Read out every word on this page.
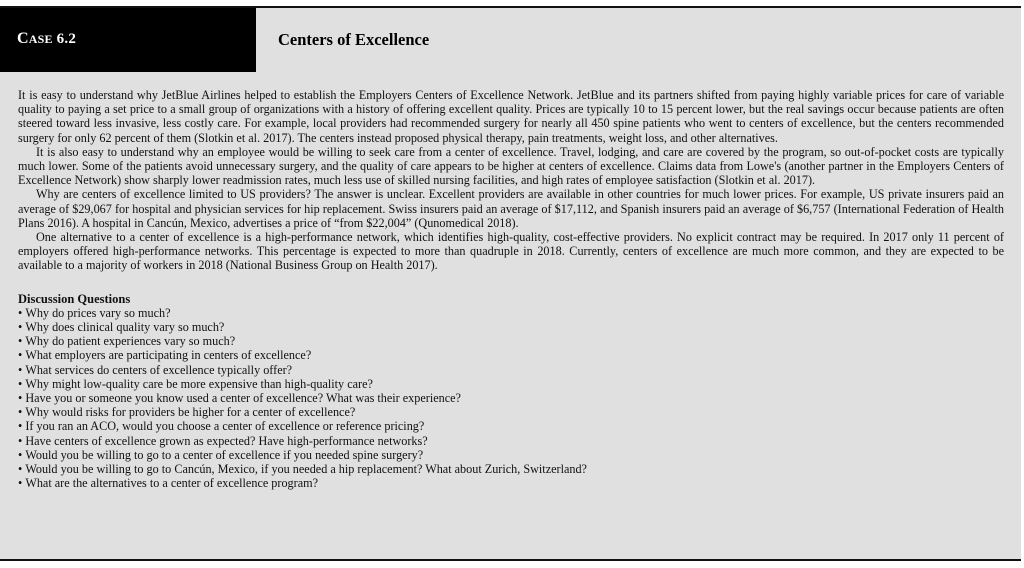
CASE 6.2	Centers of Excellence

It is easy to understand why JetBlue Airlines helped to establish the Employers Centers of Excellence Network. JetBlue and its partners shifted from paying highly variable prices for care of variable quality to paying a set price to a small group of organizations with a history of offering excellent quality. Prices are typically 10 to 15 percent lower, but the real savings occur because patients are often steered toward less invasive, less costly care. For example, local providers had recommended surgery for nearly all 450 spine patients who went to centers of excellence, but the centers recommended surgery for only 62 percent of them (Slotkin et al. 2017). The centers instead proposed physical therapy, pain treatments, weight loss, and other alternatives.

It is also easy to understand why an employee would be willing to seek care from a center of excellence. Travel, lodging, and care are covered by the program, so out-of-pocket costs are typically much lower. Some of the patients avoid unnecessary surgery, and the quality of care appears to be higher at centers of excellence. Claims data from Lowe's (another partner in the Employers Centers of Excellence Network) show sharply lower readmission rates, much less use of skilled nursing facilities, and high rates of employee satisfaction (Slotkin et al. 2017).

Why are centers of excellence limited to US providers? The answer is unclear. Excellent providers are available in other countries for much lower prices. For example, US private insurers paid an average of $29,067 for hospital and physician services for hip replacement. Swiss insurers paid an average of $17,112, and Spanish insurers paid an average of $6,757 (International Federation of Health Plans 2016). A hospital in Cancún, Mexico, advertises a price of “from $22,004” (Qunomedical 2018).

One alternative to a center of excellence is a high-performance network, which identifies high-quality, cost-effective providers. No explicit contract may be required. In 2017 only 11 percent of employers offered high-performance networks. This percentage is expected to more than quadruple in 2018. Currently, centers of excellence are much more common, and they are expected to be available to a majority of workers in 2018 (National Business Group on Health 2017).

Discussion Questions
• Why do prices vary so much?
• Why does clinical quality vary so much?
• Why do patient experiences vary so much?
• What employers are participating in centers of excellence?
• What services do centers of excellence typically offer?
• Why might low-quality care be more expensive than high-quality care?
• Have you or someone you know used a center of excellence? What was their experience?
• Why would risks for providers be higher for a center of excellence?
• If you ran an ACO, would you choose a center of excellence or reference pricing?
• Have centers of excellence grown as expected? Have high-performance networks?
• Would you be willing to go to a center of excellence if you needed spine surgery?
• Would you be willing to go to Cancún, Mexico, if you needed a hip replacement? What about Zurich, Switzerland?
• What are the alternatives to a center of excellence program?
